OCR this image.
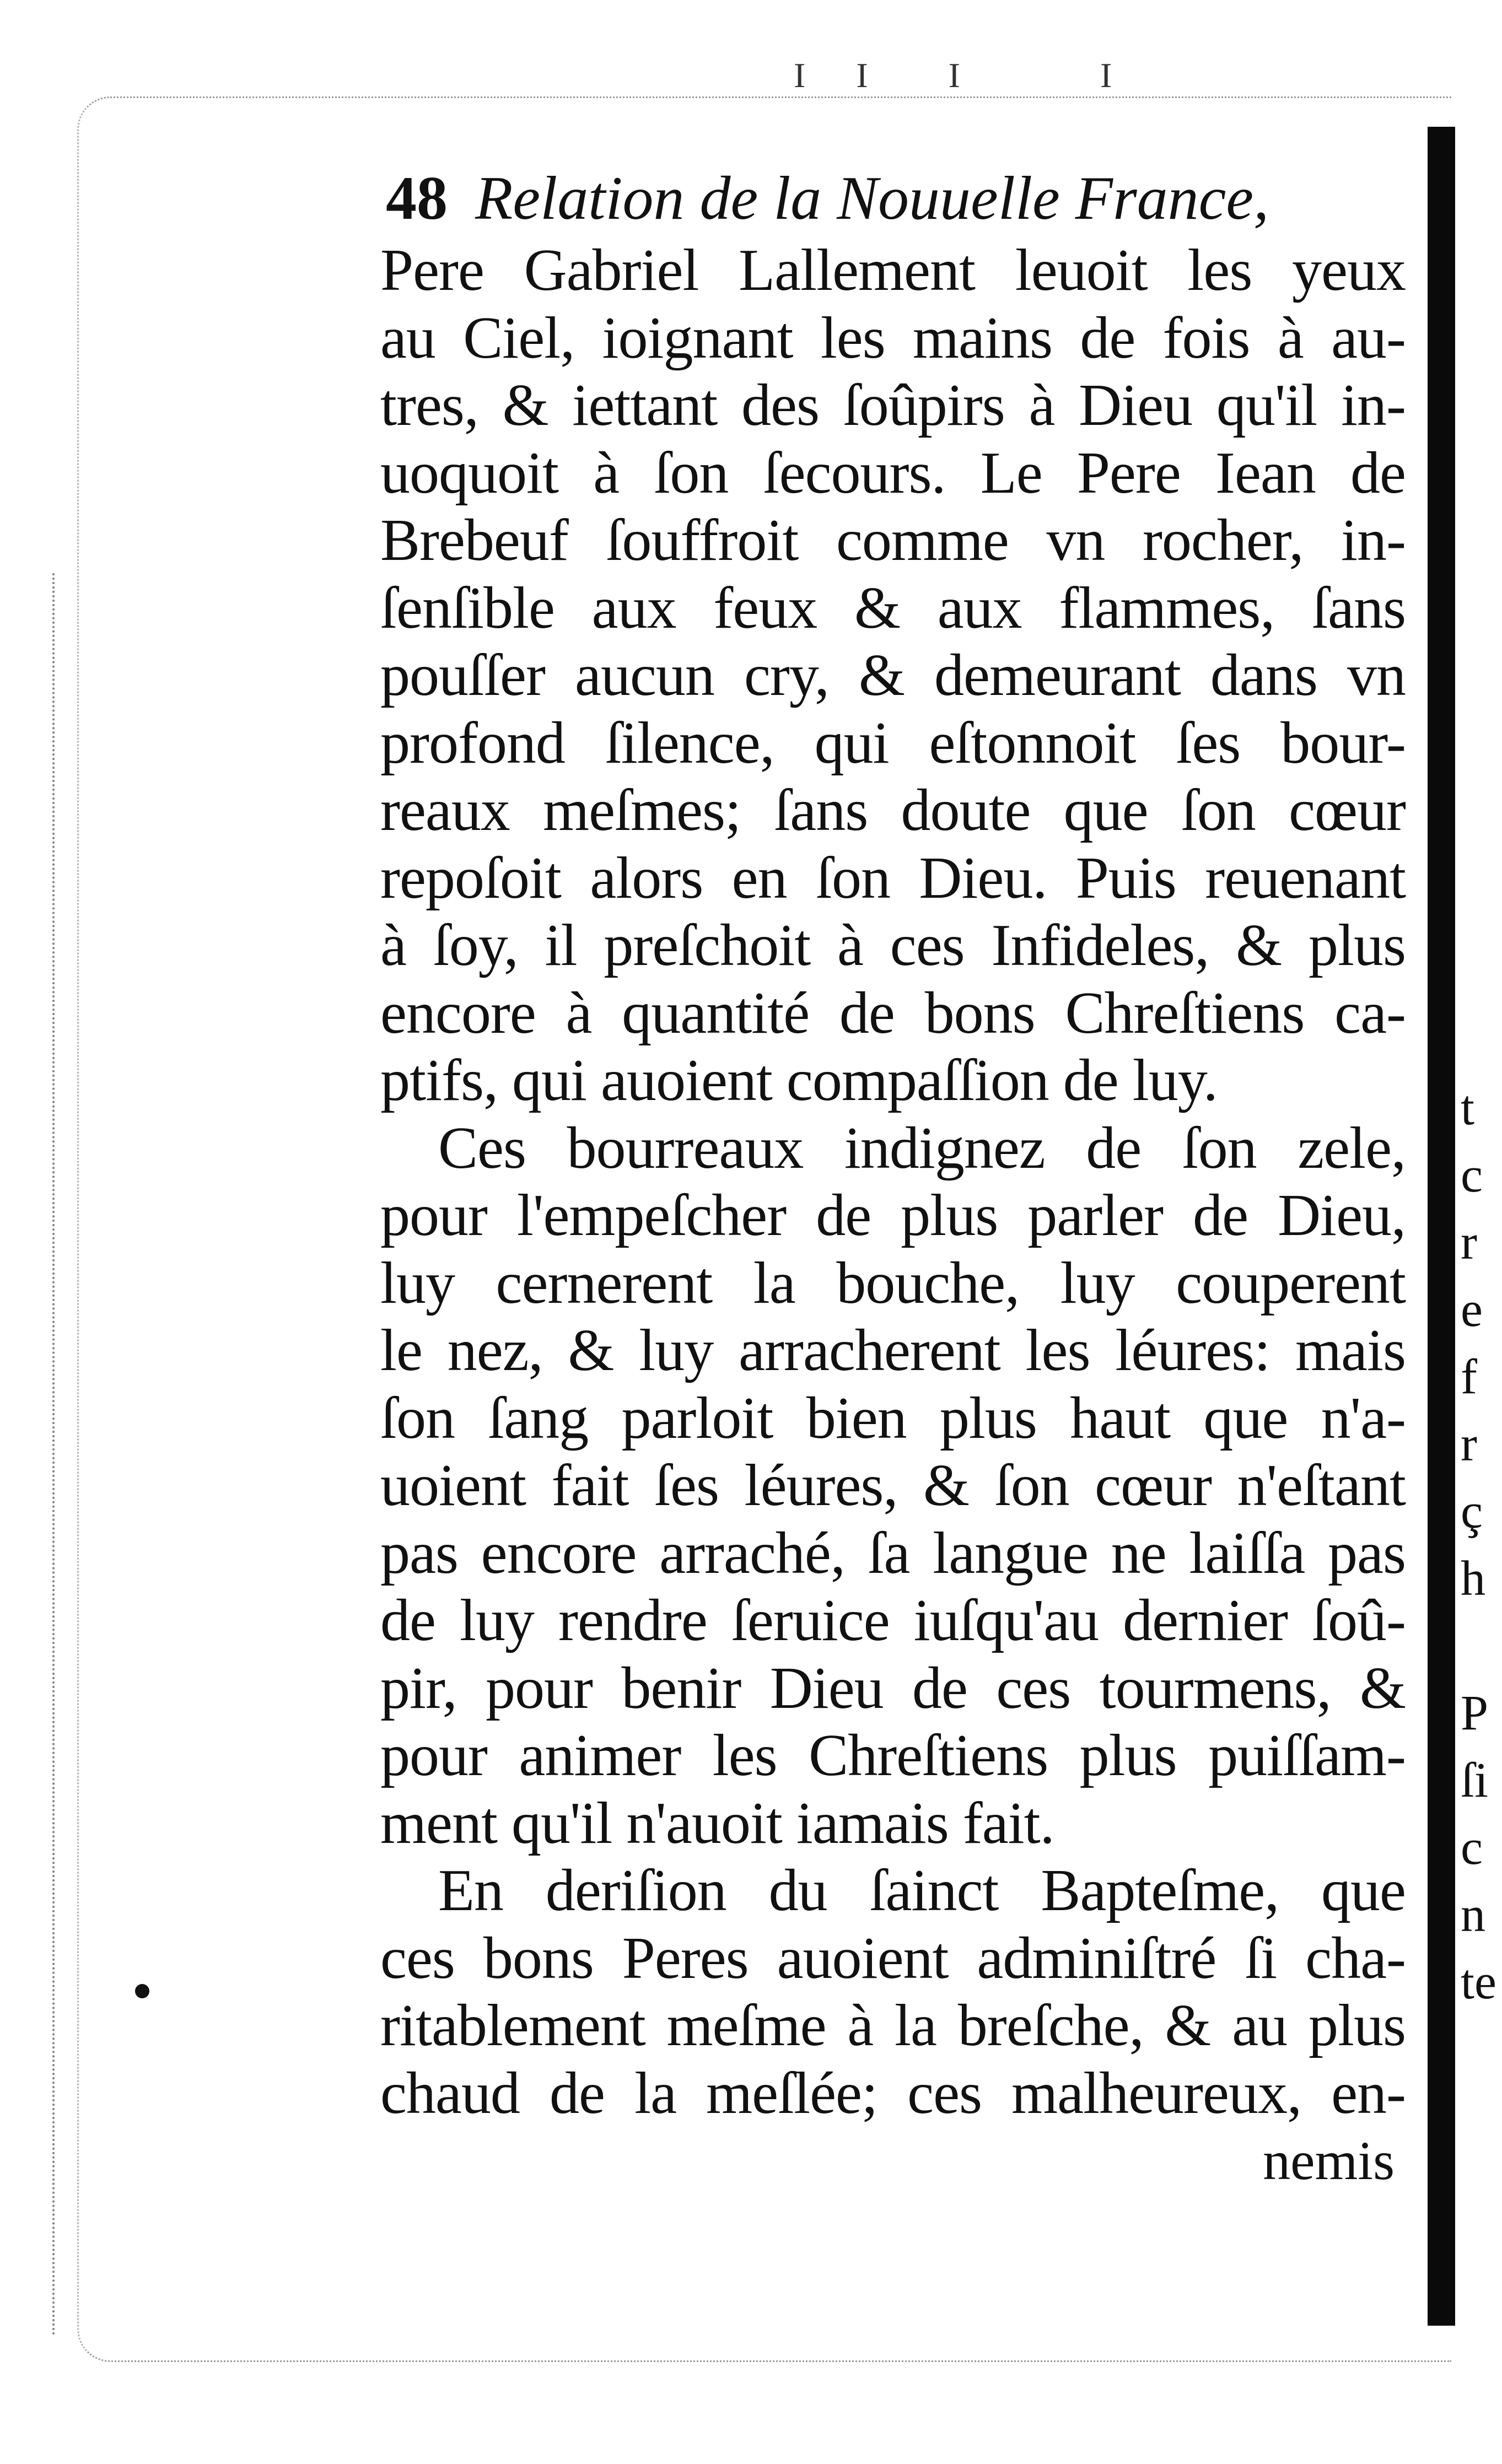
I I  I    I
48 Relation de la Nouuelle France,
Pere Gabriel Lallement leuoit les yeux
au Ciel, ioignant les mains de fois à au-
tres, & iettant des ſoûpirs à Dieu qu'il in-
uoquoit à ſon ſecours. Le Pere Iean de
Brebeuf ſouffroit comme vn rocher, in-
ſenſible aux feux & aux flammes, ſans
pouſſer aucun cry, & demeurant dans vn
profond ſilence, qui eſtonnoit ſes bour-
reaux meſmes; ſans doute que ſon cœur
repoſoit alors en ſon Dieu. Puis reuenant
à ſoy, il preſchoit à ces Infideles, & plus
encore à quantité de bons Chreſtiens ca-
ptifs, qui auoient compaſſion de luy.
Ces bourreaux indignez de ſon zele,
pour l'empeſcher de plus parler de Dieu,
luy cernerent la bouche, luy couperent
le nez, & luy arracherent les léures: mais
ſon ſang parloit bien plus haut que n'a-
uoient fait ſes léures, & ſon cœur n'eſtant
pas encore arraché, ſa langue ne laiſſa pas
de luy rendre ſeruice iuſqu'au dernier ſoû-
pir, pour benir Dieu de ces tourmens, &
pour animer les Chreſtiens plus puiſſam-
ment qu'il n'auoit iamais fait.
En deriſion du ſainct Bapteſme, que
ces bons Peres auoient adminiſtré ſi cha-
ritablement meſme à la breſche, & au plus
chaud de la meſlée; ces malheureux, en-
nemis
t
c
r
e
f
r
ç
h

P
ſi
c
n
te
